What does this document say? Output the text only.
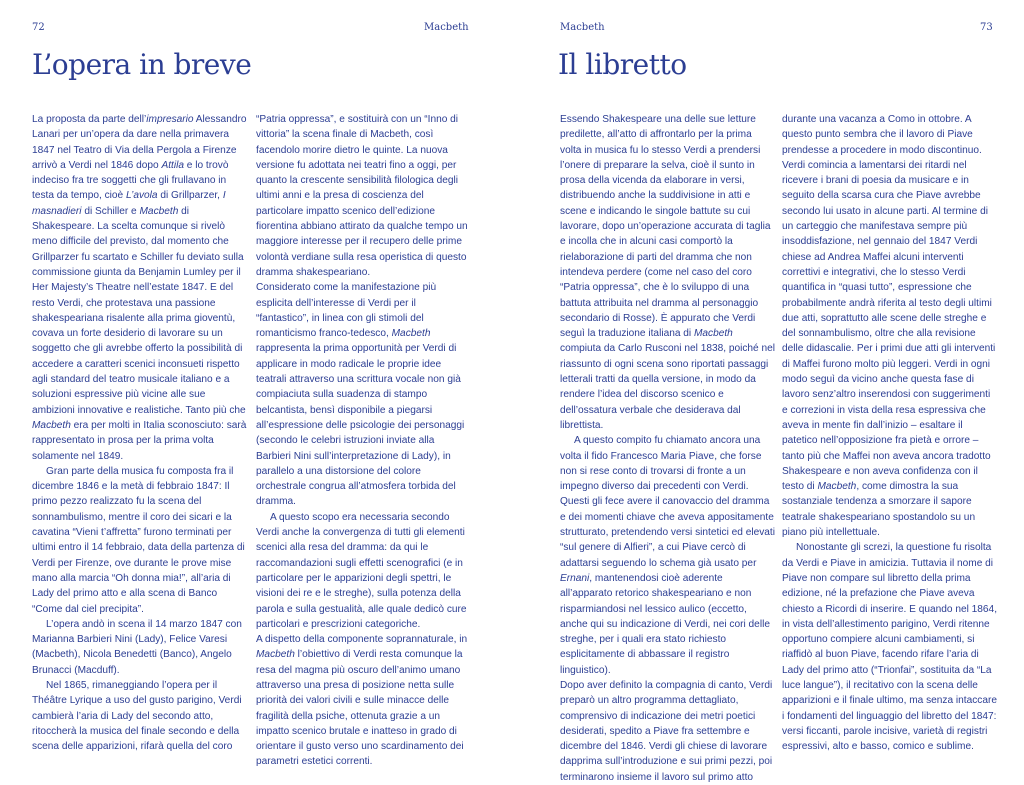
72	Macbeth
L’opera in breve

La proposta da parte dell’impresario Alessandro Lanari per un’opera da dare nella primavera 1847 nel Teatro di Via della Pergola a Firenze arrivò a Verdi nel 1846 dopo Attila e lo trovò indeciso fra tre soggetti che gli frullavano in testa da tempo, cioè L’avola di Grillparzer, I masnadieri di Schiller e Macbeth di Shakespeare. La scelta comunque si rivelò meno difficile del previsto, dal momento che Grillparzer fu scartato e Schiller fu deviato sulla commissione giunta da Benjamin Lumley per il Her Majesty’s Theatre nell’estate 1847. E del resto Verdi, che protestava una passione shakespeariana risalente alla prima gioventù, covava un forte desiderio di lavorare su un soggetto che gli avrebbe offerto la possibilità di accedere a caratteri scenici inconsueti rispetto agli standard del teatro musicale italiano e a soluzioni espressive più vicine alle sue ambizioni innovative e realistiche. Tanto più che Macbeth era per molti in Italia sconosciuto: sarà rappresentato in prosa per la prima volta solamente nel 1849.

Gran parte della musica fu composta fra il dicembre 1846 e la metà di febbraio 1847: Il primo pezzo realizzato fu la scena del sonnambulismo, mentre il coro dei sicari e la cavatina “Vieni t’affretta” furono terminati per ultimi entro il 14 febbraio, data della partenza di Verdi per Firenze, ove durante le prove mise mano alla marcia “Oh donna mia!”, all’aria di Lady del primo atto e alla scena di Banco “Come dal ciel precipita”.

L’opera andò in scena il 14 marzo 1847 con Marianna Barbieri Nini (Lady), Felice Varesi (Macbeth), Nicola Benedetti (Banco), Angelo Brunacci (Macduff).

Nel 1865, rimaneggiando l’opera per il Théâtre Lyrique a uso del gusto parigino, Verdi cambierà l’aria di Lady del secondo atto, ritoccherà la musica del finale secondo e della scena delle apparizioni, rifarà quella del coro

“Patria oppressa”, e sostituirà con un “Inno di vittoria” la scena finale di Macbeth, così facendolo morire dietro le quinte. La nuova versione fu adottata nei teatri fino a oggi, per quanto la crescente sensibilità filologica degli ultimi anni e la presa di coscienza del particolare impatto scenico dell’edizione fiorentina abbiano attirato da qualche tempo un maggiore interesse per il recupero delle prime volontà verdiane sulla resa operistica di questo dramma shakespeariano.

Considerato come la manifestazione più esplicita dell’interesse di Verdi per il “fantastico”, in linea con gli stimoli del romanticismo franco-tedesco, Macbeth rappresenta la prima opportunità per Verdi di applicare in modo radicale le proprie idee teatrali attraverso una scrittura vocale non già compiaciuta sulla suadenza di stampo belcantista, bensì disponibile a piegarsi all’espressione delle psicologie dei personaggi (secondo le celebri istruzioni inviate alla Barbieri Nini sull’interpretazione di Lady), in parallelo a una distorsione del colore orchestrale congrua all’atmosfera torbida del dramma.

A questo scopo era necessaria secondo Verdi anche la convergenza di tutti gli elementi scenici alla resa del dramma: da qui le raccomandazioni sugli effetti scenografici (e in particolare per le apparizioni degli spettri, le visioni dei re e le streghe), sulla potenza della parola e sulla gestualità, alle quale dedicò cure particolari e prescrizioni categoriche.

A dispetto della componente soprannaturale, in Macbeth l’obiettivo di Verdi resta comunque la resa del magma più oscuro dell’animo umano attraverso una presa di posizione netta sulle priorità dei valori civili e sulle minacce delle fragilità della psiche, ottenuta grazie a un impatto scenico brutale e inatteso in grado di orientare il gusto verso uno scardinamento dei parametri estetici correnti.

Macbeth	73
Il libretto

Essendo Shakespeare una delle sue letture predilette, all’atto di affrontarlo per la prima volta in musica fu lo stesso Verdi a prendersi l’onere di preparare la selva, cioè il sunto in prosa della vicenda da elaborare in versi, distribuendo anche la suddivisione in atti e scene e indicando le singole battute su cui lavorare, dopo un’operazione accurata di taglia e incolla che in alcuni casi comportò la rielaborazione di parti del dramma che non intendeva perdere (come nel caso del coro “Patria oppressa”, che è lo sviluppo di una battuta attribuita nel dramma al personaggio secondario di Rosse). È appurato che Verdi seguì la traduzione italiana di Macbeth compiuta da Carlo Rusconi nel 1838, poiché nel riassunto di ogni scena sono riportati passaggi letterali tratti da quella versione, in modo da rendere l’idea del discorso scenico e dell’ossatura verbale che desiderava dal librettista.

A questo compito fu chiamato ancora una volta il fido Francesco Maria Piave, che forse non si rese conto di trovarsi di fronte a un impegno diverso dai precedenti con Verdi. Questi gli fece avere il canovaccio del dramma e dei momenti chiave che aveva appositamente strutturato, pretendendo versi sintetici ed elevati “sul genere di Alfieri”, a cui Piave cercò di adattarsi seguendo lo schema già usato per Ernani, mantenendosi cioè aderente all’apparato retorico shakespeariano e non risparmiandosi nel lessico aulico (eccetto, anche qui su indicazione di Verdi, nei cori delle streghe, per i quali era stato richiesto esplicitamente di abbassare il registro linguistico).

Dopo aver definito la compagnia di canto, Verdi preparò un altro programma dettagliato, comprensivo di indicazione dei metri poetici desiderati, spedito a Piave fra settembre e dicembre del 1846. Verdi gli chiese di lavorare dapprima sull’introduzione e sui primi pezzi, poi terminarono insieme il lavoro sul primo atto

durante una vacanza a Como in ottobre. A questo punto sembra che il lavoro di Piave prendesse a procedere in modo discontinuo. Verdi comincia a lamentarsi dei ritardi nel ricevere i brani di poesia da musicare e in seguito della scarsa cura che Piave avrebbe secondo lui usato in alcune parti. Al termine di un carteggio che manifestava sempre più insoddisfazione, nel gennaio del 1847 Verdi chiese ad Andrea Maffei alcuni interventi correttivi e integrativi, che lo stesso Verdi quantifica in “quasi tutto”, espressione che probabilmente andrà riferita al testo degli ultimi due atti, soprattutto alle scene delle streghe e del sonnambulismo, oltre che alla revisione delle didascalie. Per i primi due atti gli interventi di Maffei furono molto più leggeri. Verdi in ogni modo seguì da vicino anche questa fase di lavoro senz’altro inserendosi con suggerimenti e correzioni in vista della resa espressiva che aveva in mente fin dall’inizio – esaltare il patetico nell’opposizione fra pietà e orrore – tanto più che Maffei non aveva ancora tradotto Shakespeare e non aveva confidenza con il testo di Macbeth, come dimostra la sua sostanziale tendenza a smorzare il sapore teatrale shakespeariano spostandolo su un piano più intellettuale.

Nonostante gli screzi, la questione fu risolta da Verdi e Piave in amicizia. Tuttavia il nome di Piave non compare sul libretto della prima edizione, né la prefazione che Piave aveva chiesto a Ricordi di inserire. E quando nel 1864, in vista dell’allestimento parigino, Verdi ritenne opportuno compiere alcuni cambiamenti, si riaffidò al buon Piave, facendo rifare l’aria di Lady del primo atto (“Trionfai”, sostituita da “La luce langue”), il recitativo con la scena delle apparizioni e il finale ultimo, ma senza intaccare i fondamenti del linguaggio del libretto del 1847: versi ficcanti, parole incisive, varietà di registri espressivi, alto e basso, comico e sublime.
